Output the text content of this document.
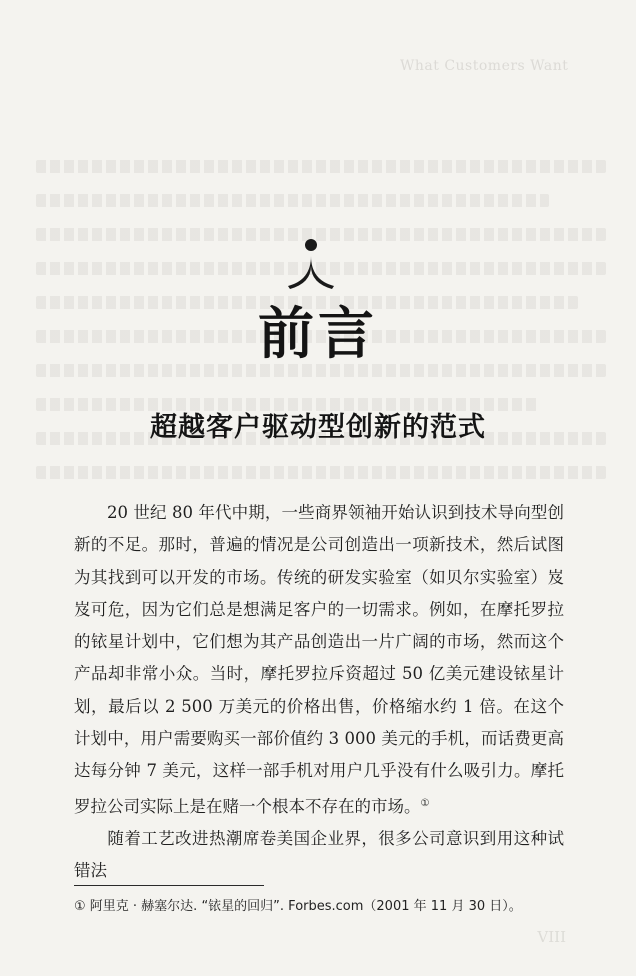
What Customers Want
VIII
前言
超越客户驱动型创新的范式

20 世纪 80 年代中期，一些商界领袖开始认识到技术导向型创新的不足。那时，普遍的情况是公司创造出一项新技术，然后试图为其找到可以开发的市场。传统的研发实验室（如贝尔实验室）岌岌可危，因为它们总是想满足客户的一切需求。例如，在摩托罗拉的铱星计划中，它们想为其产品创造出一片广阔的市场，然而这个产品却非常小众。当时，摩托罗拉斥资超过 50 亿美元建设铱星计划，最后以 2 500 万美元的价格出售，价格缩水约 1 倍。在这个计划中，用户需要购买一部价值约 3 000 美元的手机，而话费更高达每分钟 7 美元，这样一部手机对用户几乎没有什么吸引力。摩托罗拉公司实际上是在赌一个根本不存在的市场。①

随着工艺改进热潮席卷美国企业界，很多公司意识到用这种试错法

① 阿里克 · 赫塞尔达. “铱星的回归”. Forbes.com（2001 年 11 月 30 日）。
